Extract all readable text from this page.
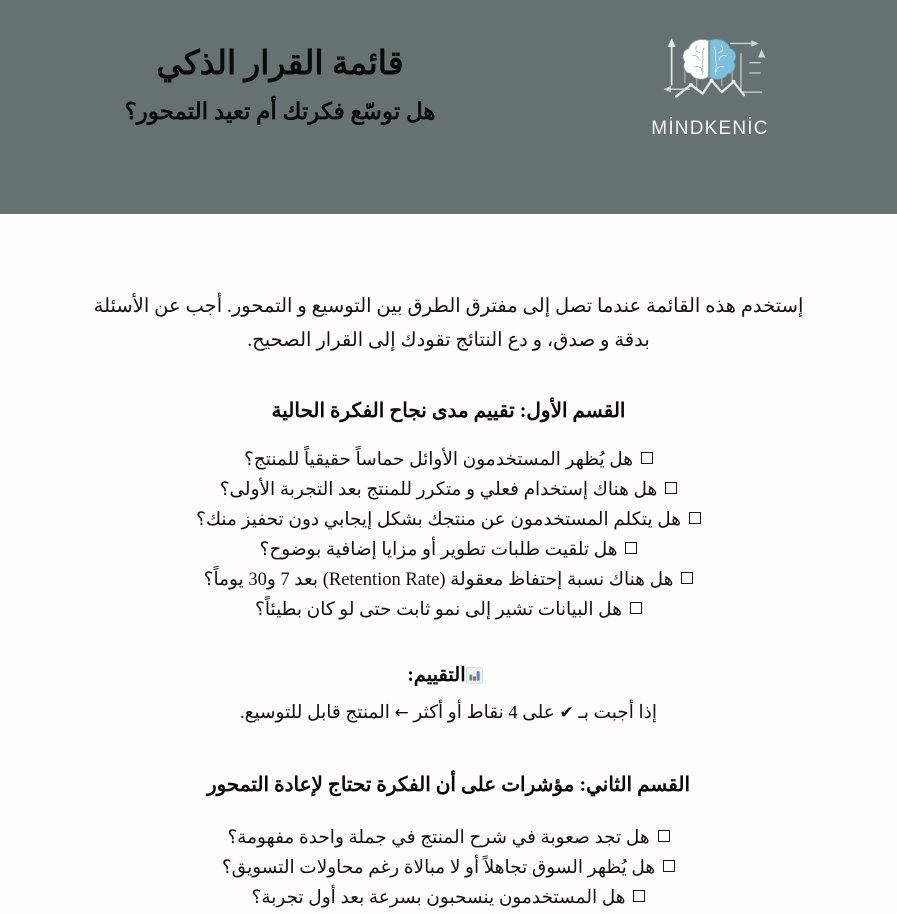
قائمة القرار الذكي
هل توسّع فكرتك أم تعيد التمحور؟
MİNDKENİC

إستخدم هذه القائمة عندما تصل إلى مفترق الطرق بين التوسيع و التمحور. أجب عن الأسئلة بدقة و صدق، و دع النتائج تقودك إلى القرار الصحيح.

القسم الأول: تقييم مدى نجاح الفكرة الحالية
هل يُظهر المستخدمون الأوائل حماساً حقيقياً للمنتج؟
هل هناك إستخدام فعلي و متكرر للمنتج بعد التجربة الأولى؟
هل يتكلم المستخدمون عن منتجك بشكل إيجابي دون تحفيز منك؟
هل تلقيت طلبات تطوير أو مزايا إضافية بوضوح؟
هل هناك نسبة إحتفاظ معقولة (Retention Rate) بعد 7 و30 يوماً؟
هل البيانات تشير إلى نمو ثابت حتى لو كان بطيئاً؟
التقييم:
إذا أجبت بـ ✔ على 4 نقاط أو أكثر ← المنتج قابل للتوسيع.
القسم الثاني: مؤشرات على أن الفكرة تحتاج لإعادة التمحور
هل تجد صعوبة في شرح المنتج في جملة واحدة مفهومة؟
هل يُظهر السوق تجاهلاً أو لا مبالاة رغم محاولات التسويق؟
هل المستخدمون ينسحبون بسرعة بعد أول تجربة؟
